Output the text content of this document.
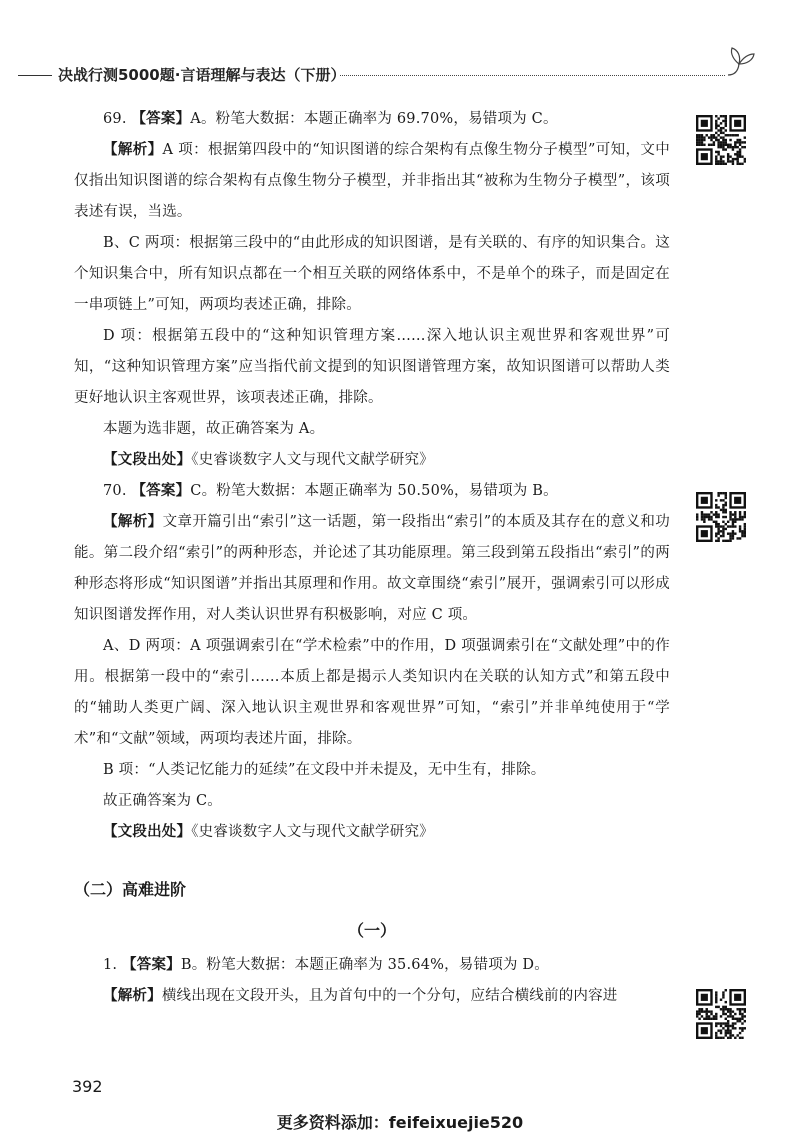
决战行测5000题·言语理解与表达（下册）

69. 【答案】A。粉笔大数据：本题正确率为 69.70%，易错项为 C。

【解析】A 项：根据第四段中的“知识图谱的综合架构有点像生物分子模型”可知，文中仅指出知识图谱的综合架构有点像生物分子模型，并非指出其“被称为生物分子模型”，该项表述有误，当选。

B、C 两项：根据第三段中的“由此形成的知识图谱，是有关联的、有序的知识集合。这个知识集合中，所有知识点都在一个相互关联的网络体系中，不是单个的珠子，而是固定在一串项链上”可知，两项均表述正确，排除。

D 项：根据第五段中的“这种知识管理方案……深入地认识主观世界和客观世界”可知，“这种知识管理方案”应当指代前文提到的知识图谱管理方案，故知识图谱可以帮助人类更好地认识主客观世界，该项表述正确，排除。

本题为选非题，故正确答案为 A。

【文段出处】《史睿谈数字人文与现代文献学研究》

70. 【答案】C。粉笔大数据：本题正确率为 50.50%，易错项为 B。

【解析】文章开篇引出“索引”这一话题，第一段指出“索引”的本质及其存在的意义和功能。第二段介绍“索引”的两种形态，并论述了其功能原理。第三段到第五段指出“索引”的两种形态将形成“知识图谱”并指出其原理和作用。故文章围绕“索引”展开，强调索引可以形成知识图谱发挥作用，对人类认识世界有积极影响，对应 C 项。

A、D 两项：A 项强调索引在“学术检索”中的作用，D 项强调索引在“文献处理”中的作用。根据第一段中的“索引……本质上都是揭示人类知识内在关联的认知方式”和第五段中的“辅助人类更广阔、深入地认识主观世界和客观世界”可知，“索引”并非单纯使用于“学术”和“文献”领域，两项均表述片面，排除。

B 项：“人类记忆能力的延续”在文段中并未提及，无中生有，排除。

故正确答案为 C。

【文段出处】《史睿谈数字人文与现代文献学研究》

（二）高难进阶
（一）

1. 【答案】B。粉笔大数据：本题正确率为 35.64%，易错项为 D。

【解析】横线出现在文段开头，且为首句中的一个分句，应结合横线前的内容进

392
更多资料添加：feifeixuejie520
